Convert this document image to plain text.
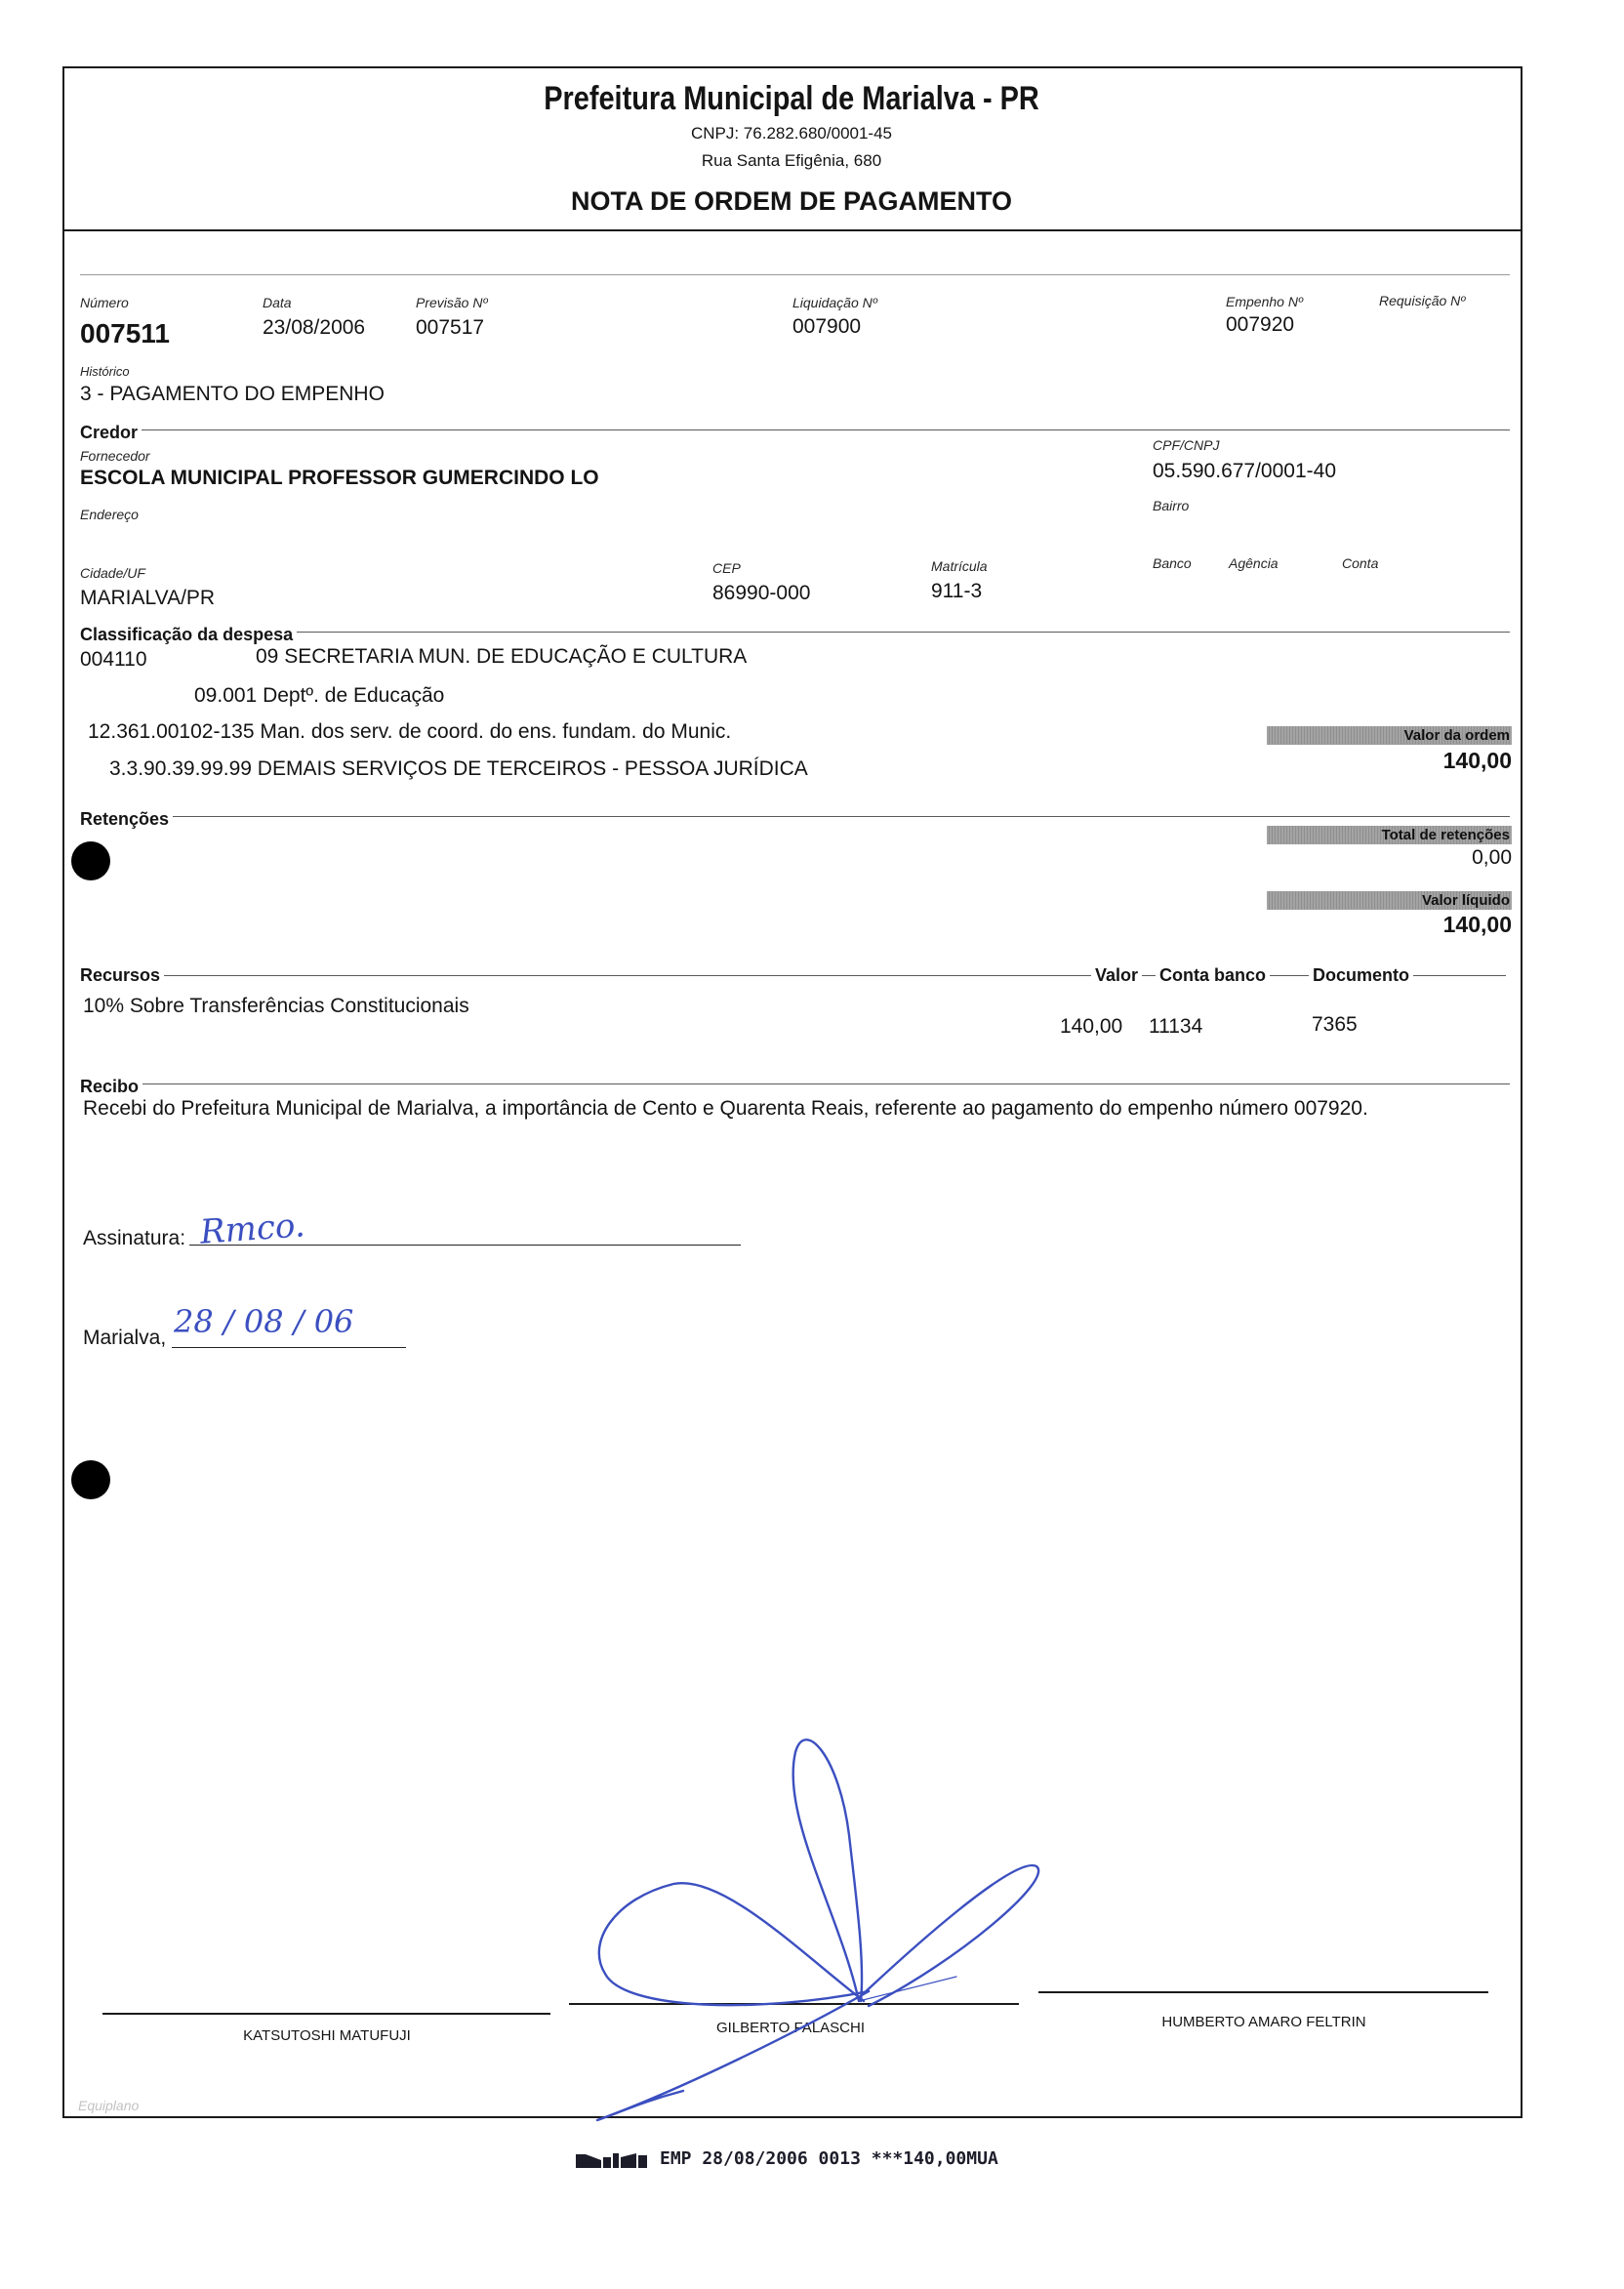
Prefeitura Municipal de Marialva - PR
CNPJ: 76.282.680/0001-45
Rua Santa Efigênia, 680
NOTA DE ORDEM DE PAGAMENTO
Número	Data	Previsão Nº	Liquidação Nº	Empenho Nº	Requisição Nº
007511	23/08/2006 007517	007900	007920
Histórico
3 - PAGAMENTO DO EMPENHO
Credor
Fornecedor
CPF/CNPJ
ESCOLA MUNICIPAL PROFESSOR GUMERCINDO LO	05.590.677/0001-40
Endereço
Bairro
Cidade/UF	CEP	Matrícula	Banco	Agência	Conta
MARIALVA/PR	86990-000	911-3
Classificação da despesa
004110	09 SECRETARIA MUN. DE EDUCAÇÃO E CULTURA
09.001 Deptº. de Educação
12.361.00102-135 Man. dos serv. de coord. do ens. fundam. do Munic.
3.3.90.39.99.99 DEMAIS SERVIÇOS DE TERCEIROS - PESSOA JURÍDICA
Valor da ordem
140,00
Retenções
Total de retenções
0,00
Valor líquido
140,00
Recursos	Valor Conta banco	Documento
10% Sobre Transferências Constitucionais
140,00 11134	7365
Recibo
Recebi do Prefeitura Municipal de Marialva, a importância de Cento e Quarenta Reais, referente ao pagamento do empenho número 007920.
Assinatura: Rmco.
Marialva, 28 / 08 / 06
KATSUTOSHI MATUFUJI	GILBERTO FALASCHI	HUMBERTO AMARO FELTRIN
Equiplano
EMP 28/08/2006 0013 ***140,00MUA
